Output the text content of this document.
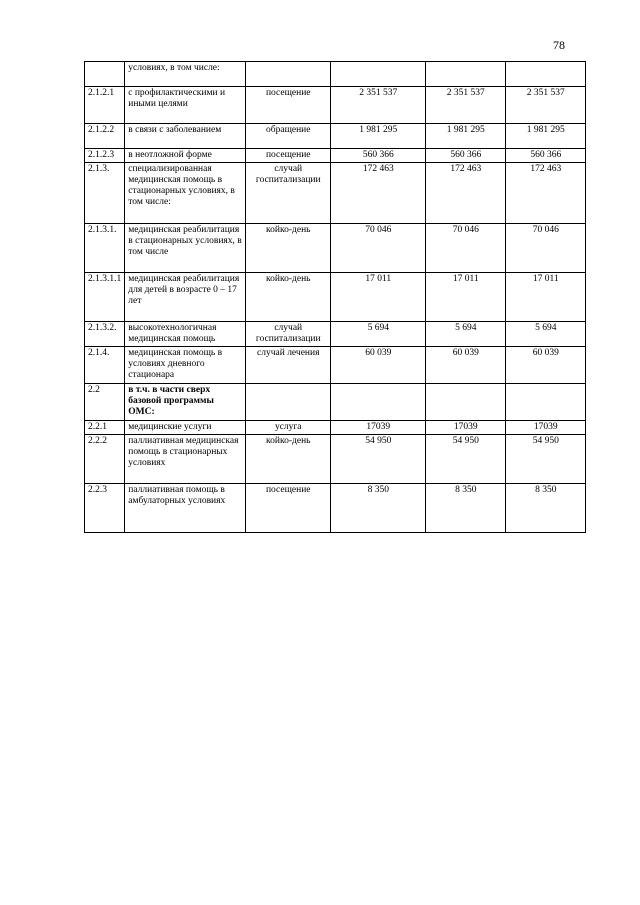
78
	условиях, в том числе:				
2.1.2.1	с профилактическими и иными целями	посещение	2 351 537	2 351 537	2 351 537
2.1.2.2	в связи с заболеванием	обращение	1 981 295	1 981 295	1 981 295
2.1.2.3	в неотложной форме	посещение	560 366	560 366	560 366
2.1.3.	специализированная медицинская помощь в стационарных условиях, в том числе:	случай госпитализации	172 463	172 463	172 463
2.1.3.1.	медицинская реабилитация в стационарных условиях, в том числе	койко-день	70 046	70 046	70 046
2.1.3.1.1	медицинская реабилитация для детей в возрасте 0 – 17 лет	койко-день	17 011	17 011	17 011
2.1.3.2.	высокотехнологичная медицинская помощь	случай госпитализации	5 694	5 694	5 694
2.1.4.	медицинская помощь в условиях дневного стационара	случай лечения	60 039	60 039	60 039
2.2	в т.ч. в части сверх базовой программы ОМС:				
2.2.1	медицинские услуги	услуга	17039	17039	17039
2.2.2	паллиативная медицинская помощь в стационарных условиях	койко-день	54 950	54 950	54 950
2.2.3	паллиативная помощь в амбулаторных условиях	посещение	8 350	8 350	8 350
